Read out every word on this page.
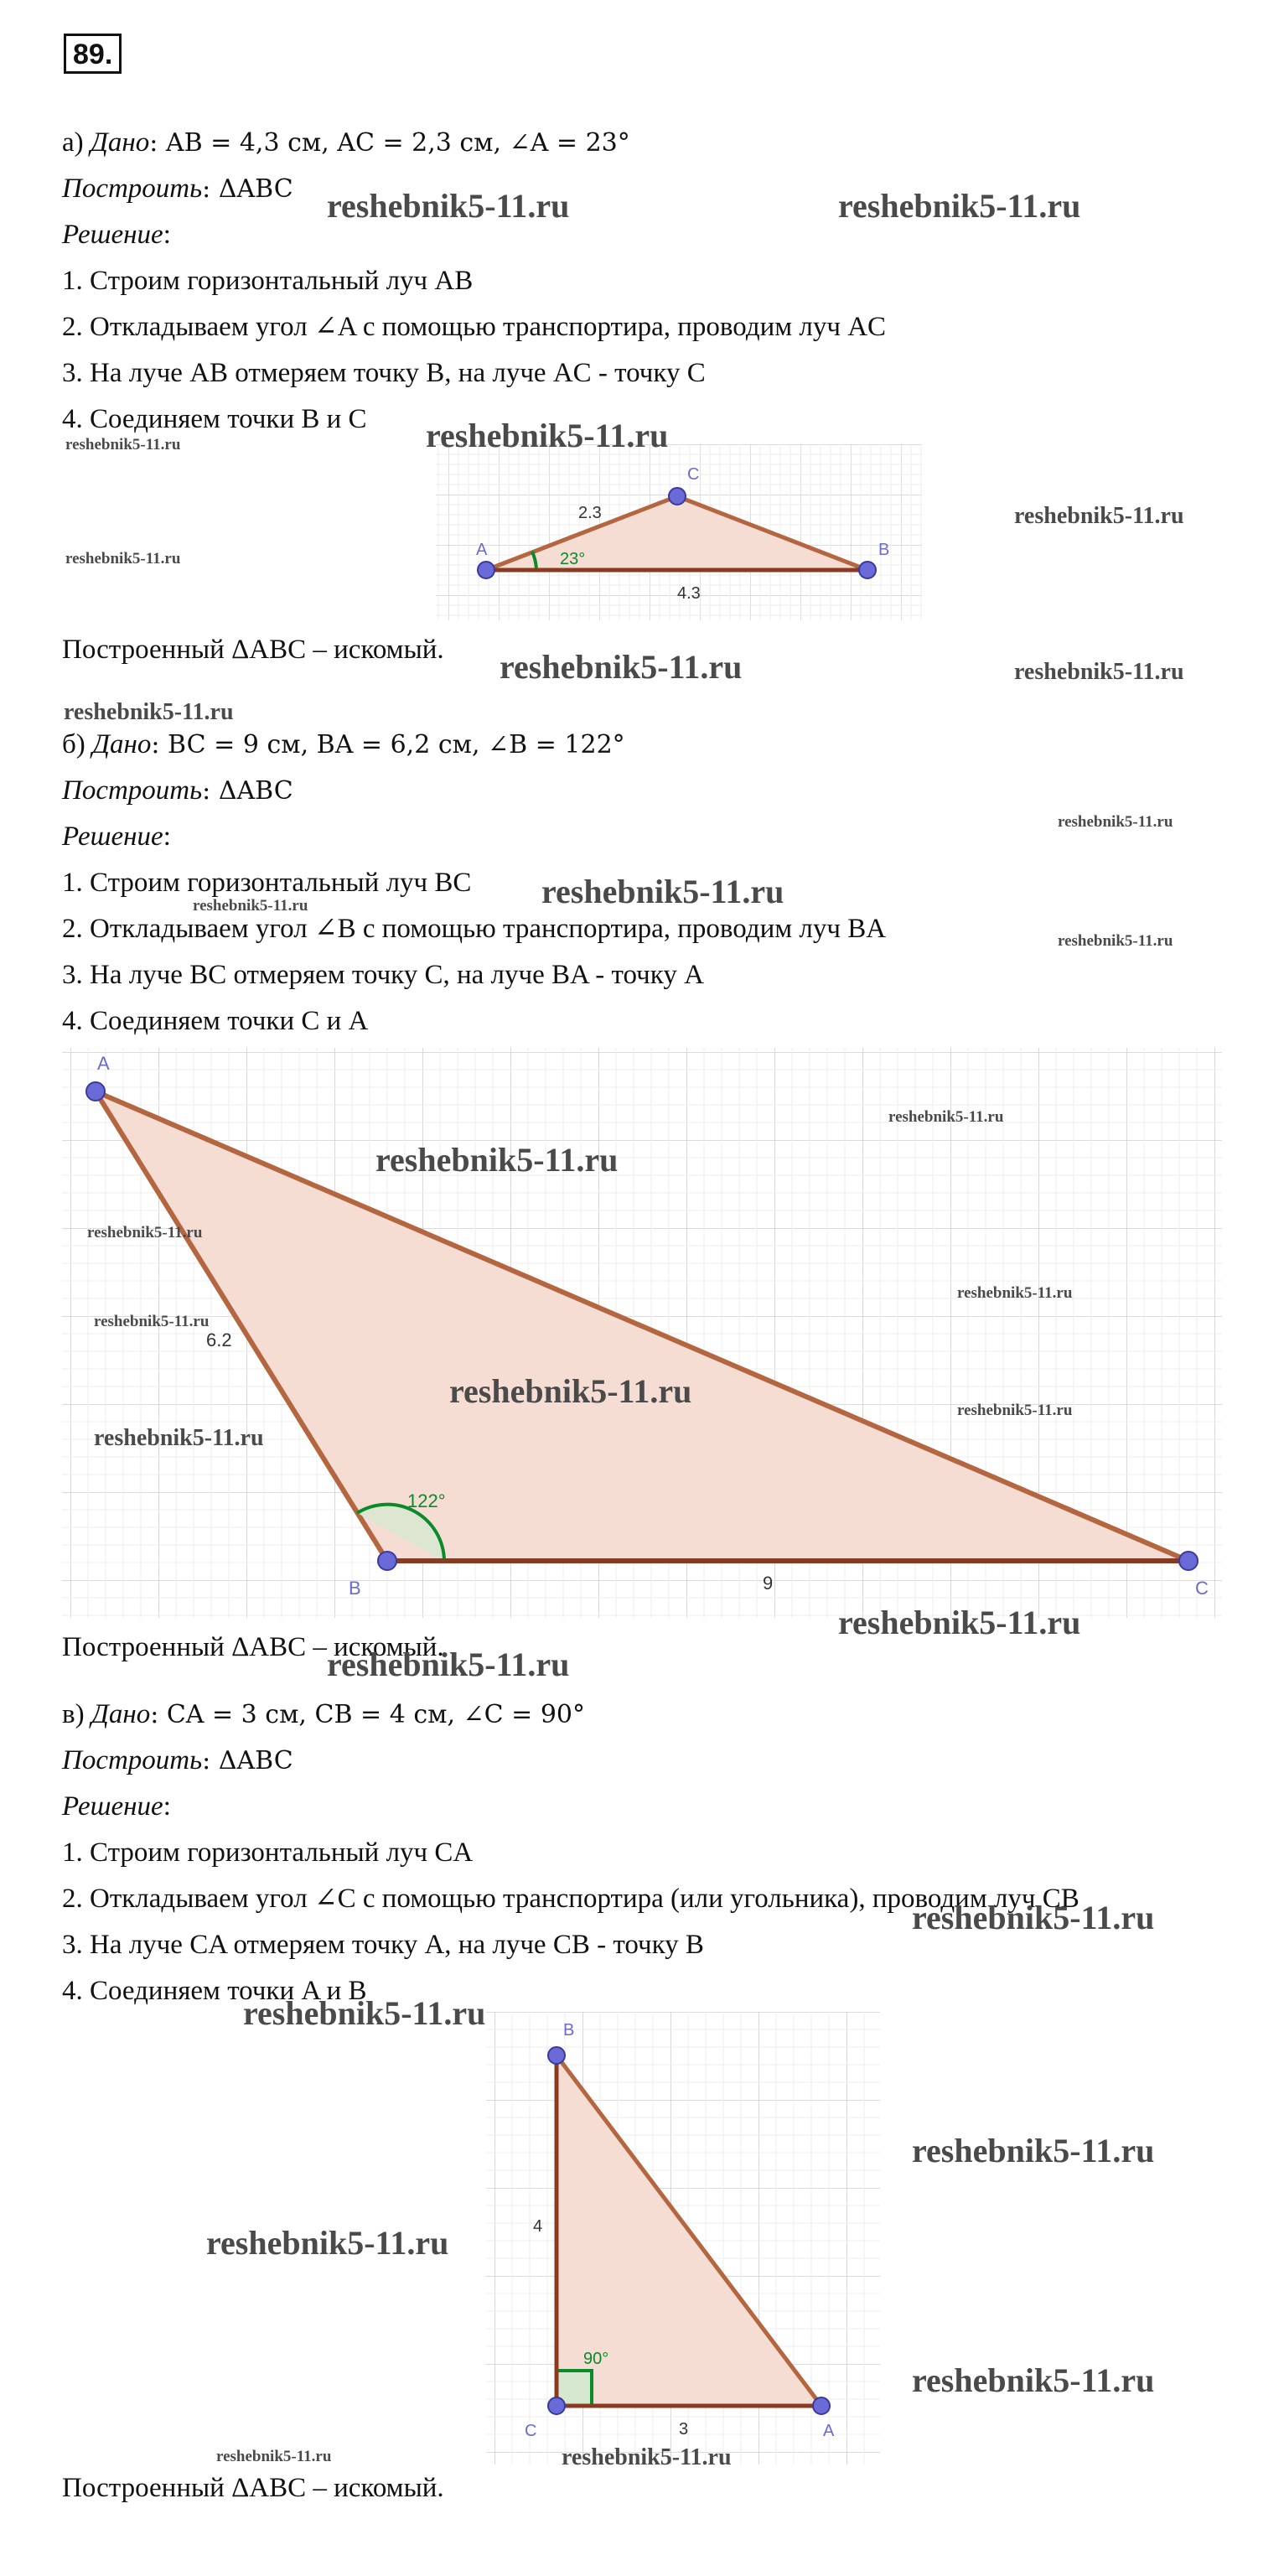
89.
а) Дано: AB = 4,3 см, AC = 2,3 см, ∠A = 23°
Построить: ΔABC
Решение:
1. Строим горизонтальный луч AB
2. Откладываем угол ∠A с помощью транспортира, проводим луч AC
3. На луче AB отмеряем точку B, на луче AC - точку C
4. Соединяем точки B и C
A
C
B
2.3
4.3
23°
Построенный ΔABC – искомый.
б) Дано: BC = 9 см, BA = 6,2 см, ∠B = 122°
Построить: ΔABC
Решение:
1. Строим горизонтальный луч BC
2. Откладываем угол ∠B с помощью транспортира, проводим луч BA
3. На луче BC отмеряем точку C, на луче BA - точку A
4. Соединяем точки C и A
A
B	C
6.2
9
122°
Построенный ΔABC – искомый.
в) Дано: CA = 3 см, CB = 4 см, ∠C = 90°
Построить: ΔABC
Решение:
1. Строим горизонтальный луч CA
2. Откладываем угол ∠C с помощью транспортира (или угольника), проводим луч CB
3. На луче CA отмеряем точку A, на луче CB - точку B
4. Соединяем точки A и B
B
C	A
4
3
90°
Построенный ΔABC – искомый.
reshebnik5-11.ru	reshebnik5-11.ru
reshebnik5-11.ru
reshebnik5-11.ru
reshebnik5-11.ru
reshebnik5-11.ru
reshebnik5-11.ru	reshebnik5-11.ru
reshebnik5-11.ru
reshebnik5-11.ru
reshebnik5-11.ru
reshebnik5-11.ru
reshebnik5-11.ru
reshebnik5-11.ru
reshebnik5-11.ru
reshebnik5-11.ru
reshebnik5-11.ru
reshebnik5-11.ru
reshebnik5-11.ru
reshebnik5-11.ru
reshebnik5-11.ru
reshebnik5-11.ru
reshebnik5-11.ru
reshebnik5-11.ru
reshebnik5-11.ru
reshebnik5-11.ru
reshebnik5-11.ru
reshebnik5-11.ru
reshebnik5-11.ru	reshebnik5-11.ru
